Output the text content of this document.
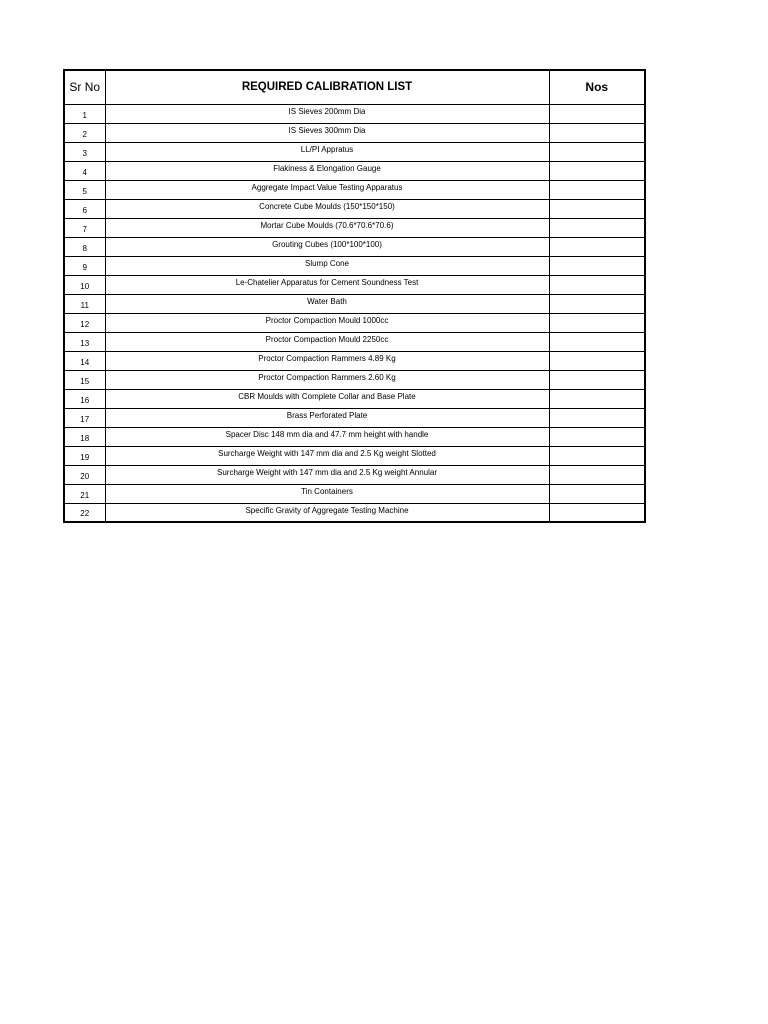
Sr No	REQUIRED CALIBRATION LIST	Nos
1	IS Sieves 200mm Dia	
2	IS Sieves 300mm Dia	
3	LL/PI Appratus	
4	Flakiness & Elongation Gauge	
5	Aggregate Impact Value Testing Apparatus	
6	Concrete Cube Moulds (150*150*150)	
7	Mortar Cube Moulds (70.6*70.6*70.6)	
8	Grouting Cubes (100*100*100)	
9	Slump Cone	
10	Le-Chatelier Apparatus for Cement Soundness Test	
11	Water Bath	
12	Proctor Compaction Mould 1000cc	
13	Proctor Compaction Mould 2250cc	
14	Proctor Compaction Rammers 4.89 Kg	
15	Proctor Compaction Rammers 2.60 Kg	
16	CBR Moulds with Complete Collar and Base Plate	
17	Brass Perforated Plate	
18	Spacer Disc 148 mm dia and 47.7 mm height with handle	
19	Surcharge Weight with 147 mm dia and 2.5 Kg weight Slotted	
20	Surcharge Weight with 147 mm dia and 2.5 Kg weight Annular	
21	Tin Containers	
22	Specific Gravity of Aggregate Testing Machine	
